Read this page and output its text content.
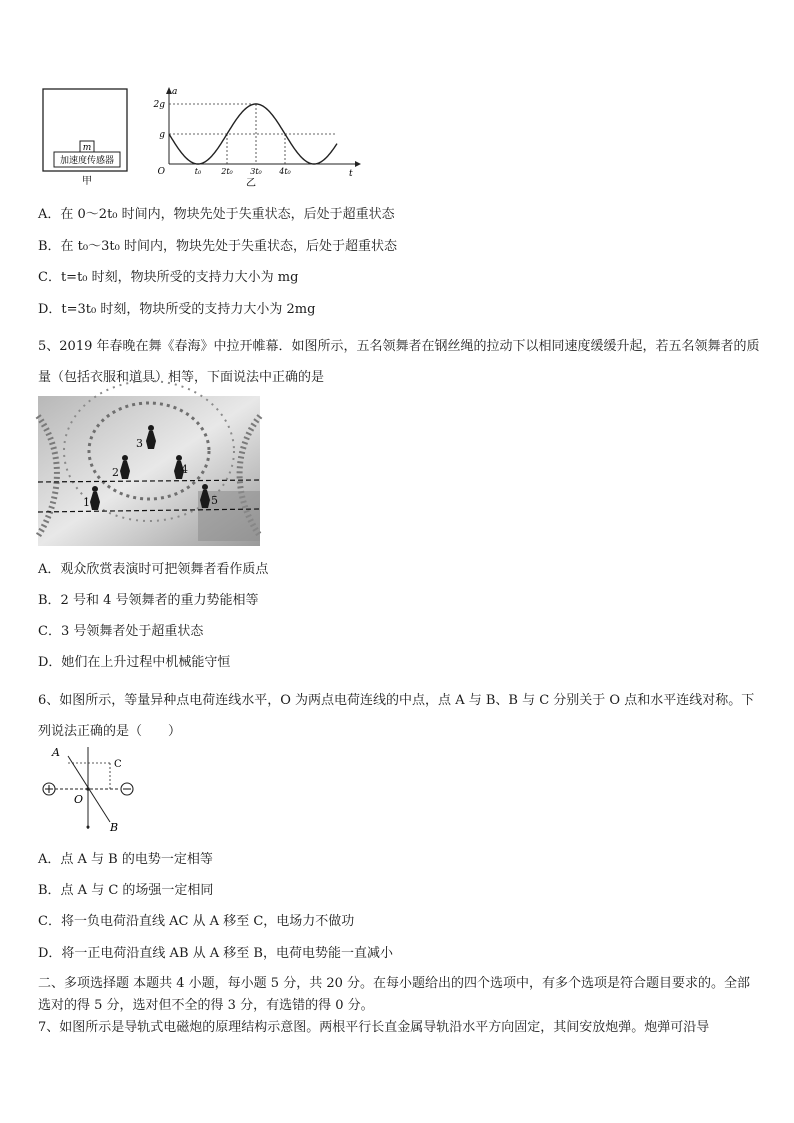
m
加速度传感器
甲
a
2g
g
O	t₀	2t₀ 3t₀ 4t₀	t
乙
A．在 0～2t₀ 时间内，物块先处于失重状态，后处于超重状态
B．在 t₀～3t₀ 时间内，物块先处于失重状态，后处于超重状态
C．t=t₀ 时刻，物块所受的支持力大小为 mg
D．t=3t₀ 时刻，物块所受的支持力大小为 2mg
5、2019 年春晚在舞《春海》中拉开帷幕．如图所示，五名领舞者在钢丝绳的拉动下以相同速度缓缓升起，若五名领舞者的质量（包括衣服和道具）相等，下面说法中正确的是
1
2
3
4
5
A．观众欣赏表演时可把领舞者看作质点
B．2 号和 4 号领舞者的重力势能相等
C．3 号领舞者处于超重状态
D．她们在上升过程中机械能守恒
6、如图所示，等量异种点电荷连线水平，O 为两点电荷连线的中点，点 A 与 B、B 与 C 分别关于 O 点和水平连线对称。下列说法正确的是（　　）
A
B
C
O
A．点 A 与 B 的电势一定相等
B．点 A 与 C 的场强一定相同
C．将一负电荷沿直线 AC 从 A 移至 C，电场力不做功
D．将一正电荷沿直线 AB 从 A 移至 B，电荷电势能一直减小
二、多项选择题 本题共 4 小题，每小题 5 分，共 20 分。在每小题给出的四个选项中，有多个选项是符合题目要求的。全部选对的得 5 分，选对但不全的得 3 分，有选错的得 0 分。
7、如图所示是导轨式电磁炮的原理结构示意图。两根平行长直金属导轨沿水平方向固定，其间安放炮弹。炮弹可沿导
